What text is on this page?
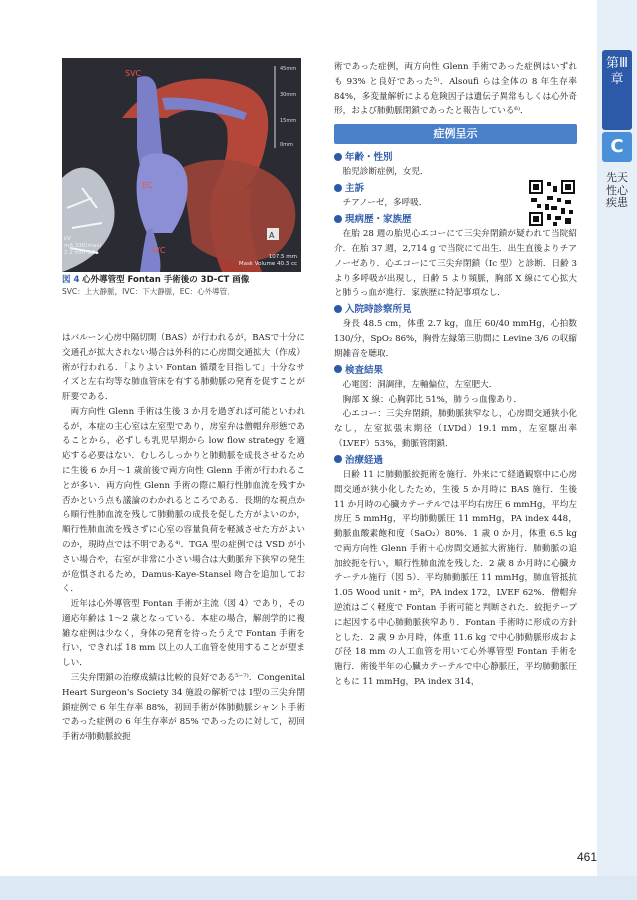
第Ⅲ章
C
先天性心疾患
45mm
30mm
15mm
0mm
A
SVC
EC
IVC
kV
mA 330(max)
2.2 mm 3.5s
107.5 mm
Mask Volume 40.3 cc
図 4 心外導管型 Fontan 手術後の 3D-CT 画像
SVC：上大静脈，IVC：下大静脈，EC：心外導管．

はバルーン心房中隔切開（BAS）が行われるが，BASで十分に交通孔が拡大されない場合は外科的に心房間交通拡大（作成）術が行われる．「よりよい Fontan 循環を目指して」十分なサイズと左右均等な肺血管床を有する肺動脈の発育を促すことが肝要である．

両方向性 Glenn 手術は生後 3 か月を過ぎれば可能といわれるが，本症の主心室は左室型であり，房室弁は僧帽弁形態であることから，必ずしも乳児早期から low flow strategy を適応する必要はない．むしろしっかりと肺動脈を成長させるために生後 6 か月～1 歳前後で両方向性 Glenn 手術が行われることが多い．両方向性 Glenn 手術の際に順行性肺血流を残すか否かという点も議論のわかれるところである．長期的な視点から順行性肺血流を残して肺動脈の成長を促した方がよいのか，順行性肺血流を残さずに心室の容量負荷を軽減させた方がよいのか，現時点では不明である⁴⁾．TGA 型の症例では VSD が小さい場合や，右室が非常に小さい場合は大動脈弁下狭窄の発生が危惧されるため，Damus-Kaye-Stansel 吻合を追加しておく．

近年は心外導管型 Fontan 手術が主流（図 4）であり，その適応年齢は 1～2 歳となっている．本症の場合，解剖学的に複雑な症例は少なく，身体の発育を待ったうえで Fontan 手術を行い，できれば 18 mm 以上の人工血管を使用することが望ましい．

三尖弁閉鎖の治療成績は比較的良好である⁵⁻⁷⁾．Congenital Heart Surgeon's Society 34 施設の解析では Ⅰ型の三尖弁閉鎖症例で 6 年生存率 88%，初回手術が体肺動脈シャント手術であった症例の 6 年生存率が 85% であったのに対して，初回手術が肺動脈絞扼

術であった症例，両方向性 Glenn 手術であった症例はいずれも 93% と良好であった⁵⁾．Alsoufi らは全体の 8 年生存率 84%，多変量解析による危険因子は遺伝子異常もしくは心外奇形，および肺動脈閉鎖であったと報告している⁶⁾．

症例呈示
年齢・性別

胎児診断症例，女児．

主訴

チアノーゼ，多呼吸．

現病歴・家族歴

在胎 28 週の胎児心エコーにて三尖弁閉鎖が疑われて当院紹介．在胎 37 週，2,714 g で当院にて出生．出生直後よりチアノーゼあり．心エコーにて三尖弁閉鎖（Ⅰc 型）と診断．日齢 3 より多呼吸が出現し，日齢 5 より頻脈，胸部 X 線にて心拡大と肺うっ血が進行．家族歴に特記事項なし．

入院時診察所見

身長 48.5 cm，体重 2.7 kg，血圧 60/40 mmHg，心拍数 130/分，SpO₂ 86%，胸骨左縁第三肋間に Levine 3/6 の収縮期雑音を聴取．

検査結果

心電図：洞調律，左軸偏位，左室肥大．

胸部 X 線：心胸郭比 51%，肺うっ血像あり．

心エコー：三尖弁閉鎖，肺動脈狭窄なし，心房間交通狭小化なし，左室拡張末期径（LVDd）19.1 mm，左室駆出率（LVEF）53%，動脈管閉鎖．

治療経過

日齢 11 に肺動脈絞扼術を施行．外来にて経過観察中に心房間交通が狭小化したため，生後 5 か月時に BAS 施行．生後 11 か月時の心臓カテーテルでは平均右房圧 6 mmHg，平均左房圧 5 mmHg，平均肺動脈圧 11 mmHg，PA index 448，動脈血酸素飽和度（SaO₂）80%．1 歳 0 か月，体重 6.5 kg で両方向性 Glenn 手術＋心房間交通拡大術施行．肺動脈の追加絞扼を行い，順行性肺血流を残した．2 歳 8 か月時に心臓カテーテル施行（図 5）．平均肺動脈圧 11 mmHg，肺血管抵抗 1.05 Wood unit・m²，PA index 172，LVEF 62%．僧帽弁逆流はごく軽度で Fontan 手術可能と判断された．絞扼テープに起因する中心肺動脈狭窄あり．Fontan 手術時に形成の方針とした．2 歳 9 か月時，体重 11.6 kg で中心肺動脈形成および径 18 mm の人工血管を用いて心外導管型 Fontan 手術を施行．術後半年の心臓カテーテルで中心静脈圧，平均肺動脈圧ともに 11 mmHg，PA index 314，

461
